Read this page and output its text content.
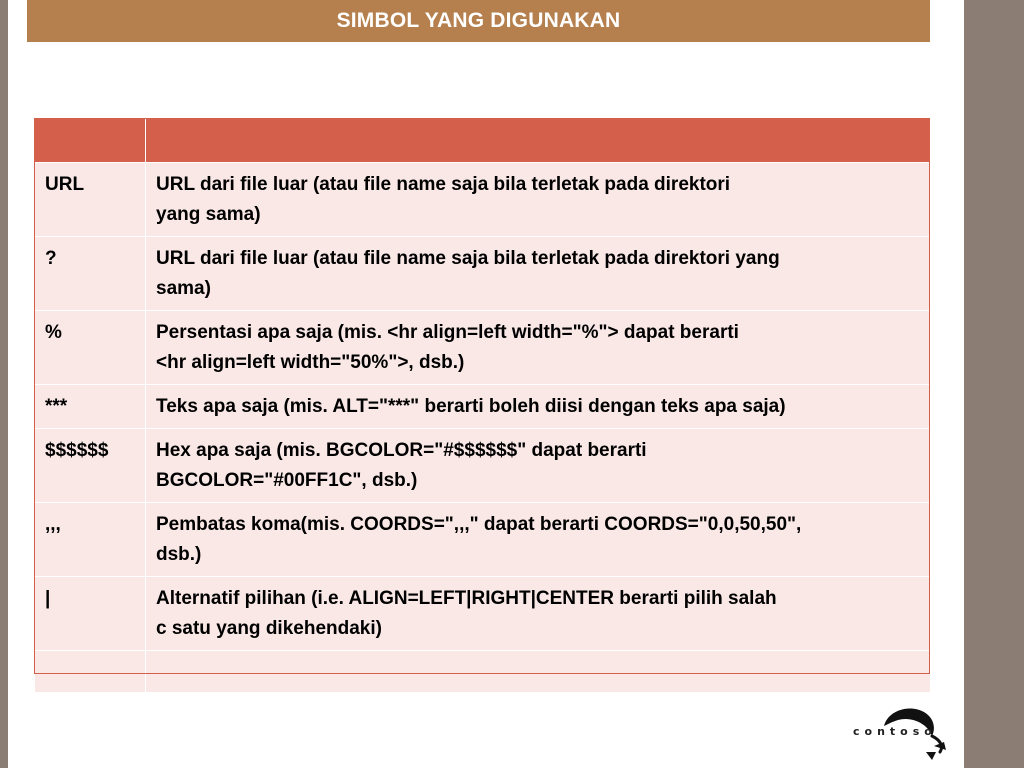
SIMBOL YANG DIGUNAKAN

URL	URL dari file luar (atau file name saja bila terletak pada direktori
yang sama)
?	URL dari file luar (atau file name saja bila terletak pada direktori yang
sama)
%	Persentasi apa saja (mis. <hr align=left width="%"> dapat berarti
<hr align=left width="50%">, dsb.)
***	Teks apa saja (mis. ALT="***" berarti boleh diisi dengan teks apa saja)
$$$$$$	Hex apa saja (mis. BGCOLOR="#$$$$$$" dapat berarti
BGCOLOR="#00FF1C", dsb.)
,,,	Pembatas koma(mis. COORDS=",,," dapat berarti COORDS="0,0,50,50",
dsb.)
|	Alternatif pilihan (i.e. ALIGN=LEFT|RIGHT|CENTER berarti pilih salah
c satu yang dikehendaki)

contoso
